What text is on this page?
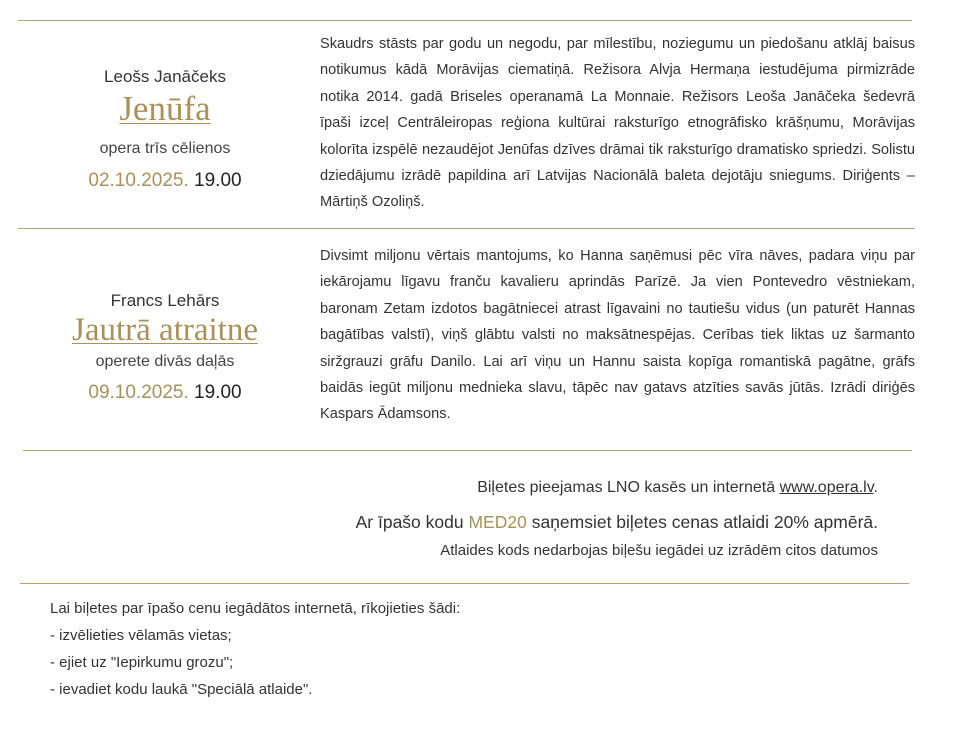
Leošs Janāčeks
Jenūfa
opera trīs cēlienos
02.10.2025. 19.00

Skaudrs stāsts par godu un negodu, par mīlestību, noziegumu un piedošanu atklāj baisus notikumus kādā Morāvijas ciematiņā. Režisora Alvja Hermaņa iestudējuma pirmizrāde notika 2014. gadā Briseles operanamā La Monnaie. Režisors Leoša Janāčeka šedevrā īpaši izceļ Centrāleiropas reģiona kultūrai raksturīgo etnogrāfisko krāšņumu, Morāvijas kolorīta izspēlē nezaudējot Jenūfas dzīves drāmai tik raksturīgo dramatisko spriedzi. Solistu dziedājumu izrādē papildina arī Latvijas Nacionālā baleta dejotāju sniegums. Diriģents – Mārtiņš Ozoliņš.

Francs Lehārs
Jautrā atraitne
operete divās daļās
09.10.2025. 19.00

Divsimt miljonu vērtais mantojums, ko Hanna saņēmusi pēc vīra nāves, padara viņu par iekārojamu līgavu franču kavalieru aprindās Parīzē. Ja vien Pontevedro vēstniekam, baronam Zetam izdotos bagātniecei atrast līgavaini no tautiešu vidus (un paturēt Hannas bagātības valstī), viņš glābtu valsti no maksātnespējas. Cerības tiek liktas uz šarmanto siržgrauzi grāfu Danilo. Lai arī viņu un Hannu saista kopīga romantiskā pagātne, grāfs baidās iegūt miljonu mednieka slavu, tāpēc nav gatavs atzīties savās jūtās. Izrādi diriģēs Kaspars Ādamsons.

Biļetes pieejamas LNO kasēs un internetā www.opera.lv.
Ar īpašo kodu MED20 saņemsiet biļetes cenas atlaidi 20% apmērā.
Atlaides kods nedarbojas biļešu iegādei uz izrādēm citos datumos
Lai biļetes par īpašo cenu iegādātos internetā, rīkojieties šādi:
- izvēlieties vēlamās vietas;
- ejiet uz "Iepirkumu grozu";
- ievadiet kodu laukā "Speciālā atlaide".
